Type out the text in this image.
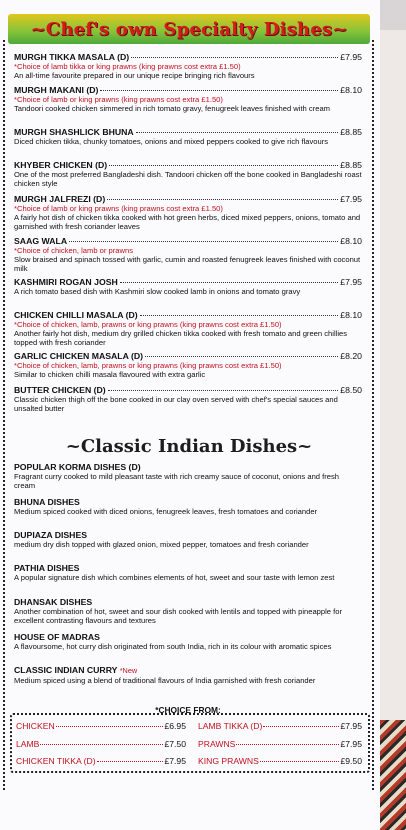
~Chef's own Specialty Dishes~
MURGH TIKKA MASALA (D)	£7.95
*Choice of lamb tikka or king prawns (king prawns cost extra £1.50)
An all-time favourite prepared in our unique recipe bringing rich flavours
MURGH MAKANI (D)	£8.10
*Choice of lamb or king prawns (king prawns cost extra £1.50)
Tandoori cooked chicken simmered in rich tomato gravy, fenugreek leaves finished with cream
MURGH SHASHLICK BHUNA	£8.85
Diced chicken tikka, chunky tomatoes, onions and mixed peppers cooked to give rich flavours
KHYBER CHICKEN (D)	£8.85
One of the most preferred Bangladeshi dish. Tandoori chicken off the bone cooked in Bangladeshi roast chicken style
MURGH JALFREZI (D)	£7.95
*Choice of lamb or king prawns (king prawns cost extra £1.50)
A fairly hot dish of chicken tikka cooked with hot green herbs, diced mixed peppers, onions, tomato and garnished with fresh coriander leaves
SAAG WALA	£8.10
*Choice of chicken, lamb or prawns
Slow braised and spinach tossed with garlic, cumin and roasted fenugreek leaves finished with coconut milk
KASHMIRI ROGAN JOSH	£7.95
A rich tomato based dish with Kashmiri slow cooked lamb in onions and tomato gravy
CHICKEN CHILLI MASALA (D)	£8.10
*Choice of chicken, lamb, prawns or king prawns (king prawns cost extra £1.50)
Another fairly hot dish, medium dry grilled chicken tikka cooked with fresh tomato and green chillies topped with fresh coriander
GARLIC CHICKEN MASALA (D)	£8.20
*Choice of chicken, lamb, prawns or king prawns (king prawns cost extra £1.50)
Similar to chicken chilli masala flavoured with extra garlic
BUTTER CHICKEN (D)	£8.50
Classic chicken thigh off the bone cooked in our clay oven served with chef's special sauces and unsalted butter
~Classic Indian Dishes~
POPULAR KORMA DISHES (D)
Fragrant curry cooked to mild pleasant taste with rich creamy sauce of coconut, onions and fresh cream
BHUNA DISHES
Medium spiced cooked with diced onions, fenugreek leaves, fresh tomatoes and coriander
DUPIAZA DISHES
medium dry dish topped with glazed onion, mixed pepper, tomatoes and fresh coriander
PATHIA DISHES
A popular signature dish which combines elements of hot, sweet and sour taste with lemon zest
DHANSAK DISHES
Another combination of hot, sweet and sour dish cooked with lentils and topped with pineapple for excellent contrasting flavours and textures
HOUSE OF MADRAS
A flavoursome, hot curry dish originated from south India, rich in its colour with aromatic spices
CLASSIC INDIAN CURRY *New
Medium spiced using a blend of traditional flavours of India garnished with fresh coriander
*CHOICE FROM:
CHICKEN	£6.95
LAMB	£7.50
CHICKEN TIKKA (D)	£7.95
LAMB TIKKA (D)	£7.95
PRAWNS	£7.95
KING PRAWNS	£9.50
